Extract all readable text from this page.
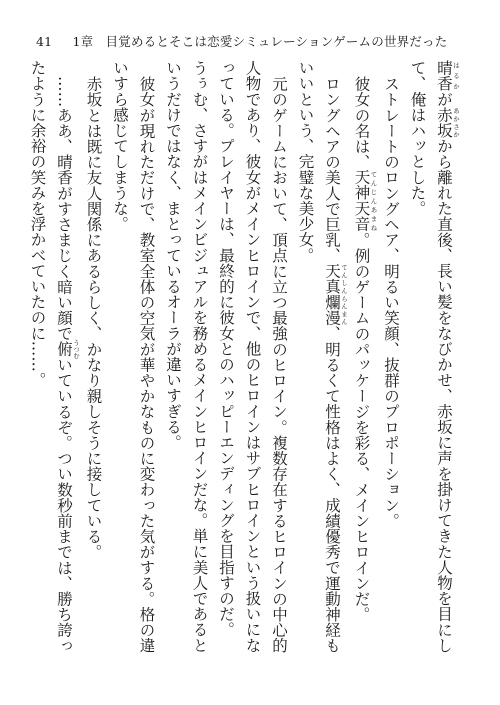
41 1章 目覚めるとそこは恋愛シミュレーションゲームの世界だった

晴香 はるかが赤坂 あかさかから離れた直後、長い髪をなびかせ、赤坂に声を掛けてきた人物を目にして、俺はハッとした。

ストレートのロングヘア、明るい笑顔、抜群のプロポーション。

彼女の名は、天神天音 てんじんあまね。例のゲームのパッケージを彩る、メインヒロインだ。

ロングヘアの美人で巨乳、天真爛漫 てんしんらんまん、明るくて性格はよく、成績優秀で運動神経もいいという、完璧な美少女。

元のゲームにおいて、頂点に立つ最強のヒロイン。複数存在するヒロインの中心的人物であり、彼女がメインヒロインで、他のヒロインはサブヒロインという扱いになっている。プレイヤーは、最終的に彼女とのハッピーエンディングを目指すのだ。

うぅむ、さすがはメインビジュアルを務めるメインヒロインだな。単に美人であるというだけではなく、まとっているオーラが違いすぎる。

彼女が現れただけで、教室全体の空気が華やかなものに変わった気がする。格の違いすら感じてしまうな。

赤坂とは既に友人関係にあるらしく、かなり親しそうに接している。

……ああ、晴香がすさまじく暗い顔で俯 うつむいているぞ。つい数秒前までは、勝ち誇ったように余裕の笑みを浮かべていたのに……。
